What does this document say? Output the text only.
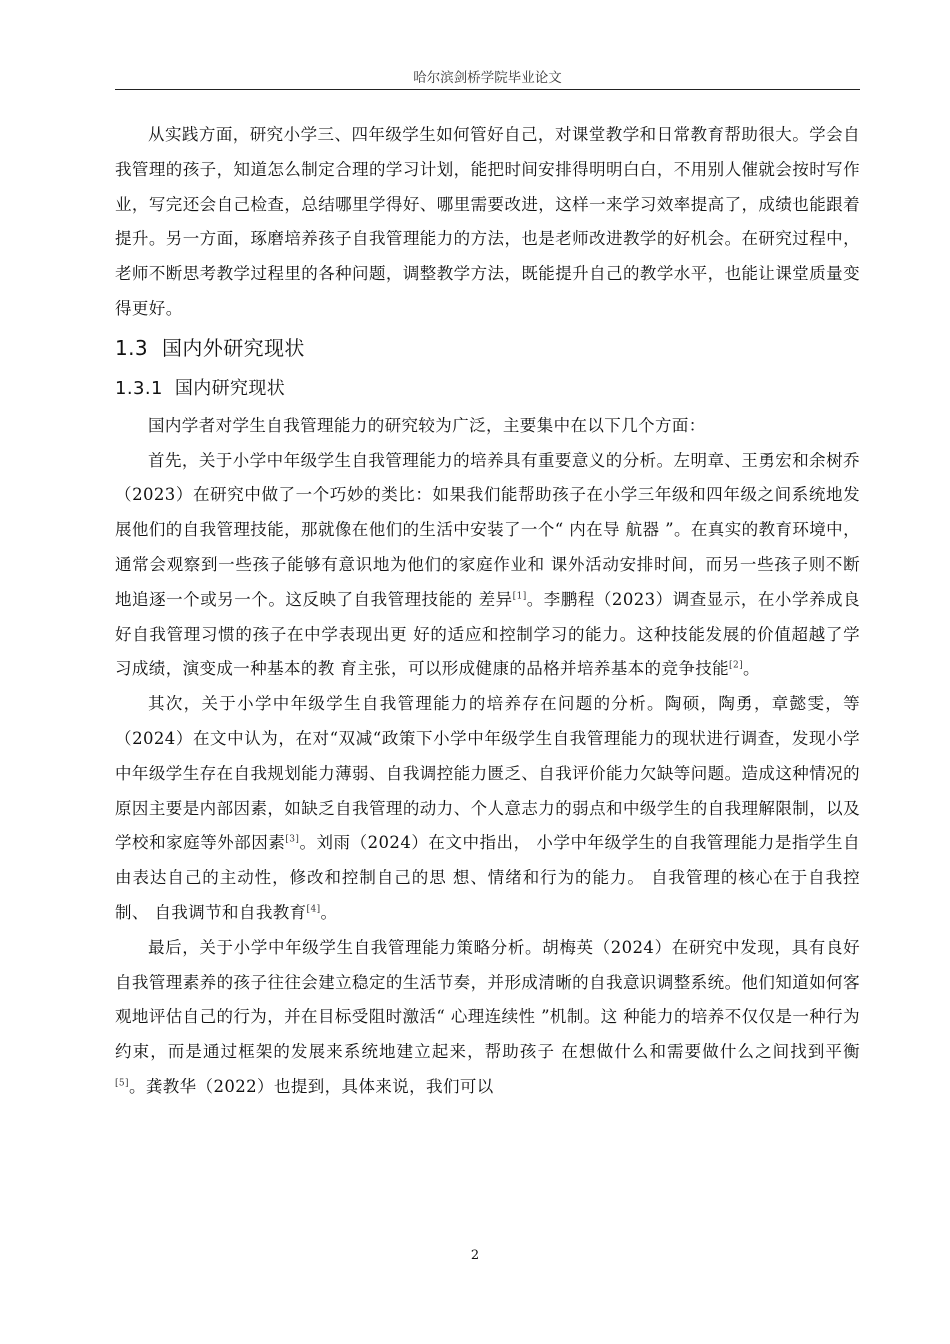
哈尔滨剑桥学院毕业论文

从实践方面，研究小学三、四年级学生如何管好自己，对课堂教学和日常教育帮助很大。学会自我管理的孩子，知道怎么制定合理的学习计划，能把时间安排得明明白白，不用别人催就会按时写作业，写完还会自己检查，总结哪里学得好、哪里需要改进，这样一来学习效率提高了，成绩也能跟着提升。另一方面，琢磨培养孩子自我管理能力的方法，也是老师改进教学的好机会。在研究过程中，老师不断思考教学过程里的各种问题，调整教学方法，既能提升自己的教学水平，也能让课堂质量变得更好。

1.3 国内外研究现状
1.3.1 国内研究现状

国内学者对学生自我管理能力的研究较为广泛，主要集中在以下几个方面：

首先，关于小学中年级学生自我管理能力的培养具有重要意义的分析。左明章、王勇宏和余树乔（2023）在研究中做了一个巧妙的类比：如果我们能帮助孩子在小学三年级和四年级之间系统地发展他们的自我管理技能，那就像在他们的生活中安装了一个“ 内在导 航器 ”。在真实的教育环境中，通常会观察到一些孩子能够有意识地为他们的家庭作业和 课外活动安排时间，而另一些孩子则不断地追逐一个或另一个。这反映了自我管理技能的 差异[1]。李鹏程（2023）调查显示，在小学养成良好自我管理习惯的孩子在中学表现出更 好的适应和控制学习的能力。这种技能发展的价值超越了学习成绩，演变成一种基本的教 育主张，可以形成健康的品格并培养基本的竞争技能[2]。

其次，关于小学中年级学生自我管理能力的培养存在问题的分析。陶硕，陶勇，章懿雯，等（2024）在文中认为，在对“双减“政策下小学中年级学生自我管理能力的现状进行调查，发现小学中年级学生存在自我规划能力薄弱、自我调控能力匮乏、自我评价能力欠缺等问题。造成这种情况的原因主要是内部因素，如缺乏自我管理的动力、个人意志力的弱点和中级学生的自我理解限制，以及学校和家庭等外部因素[3]。刘雨（2024）在文中指出， 小学中年级学生的自我管理能力是指学生自由表达自己的主动性，修改和控制自己的思 想、情绪和行为的能力。 自我管理的核心在于自我控制、 自我调节和自我教育[4]。

最后，关于小学中年级学生自我管理能力策略分析。胡梅英（2024）在研究中发现，具有良好自我管理素养的孩子往往会建立稳定的生活节奏，并形成清晰的自我意识调整系统。他们知道如何客观地评估自己的行为，并在目标受阻时激活“ 心理连续性 ”机制。这 种能力的培养不仅仅是一种行为约束，而是通过框架的发展来系统地建立起来，帮助孩子 在想做什么和需要做什么之间找到平衡[5]。龚教华（2022）也提到，具体来说，我们可以

2
